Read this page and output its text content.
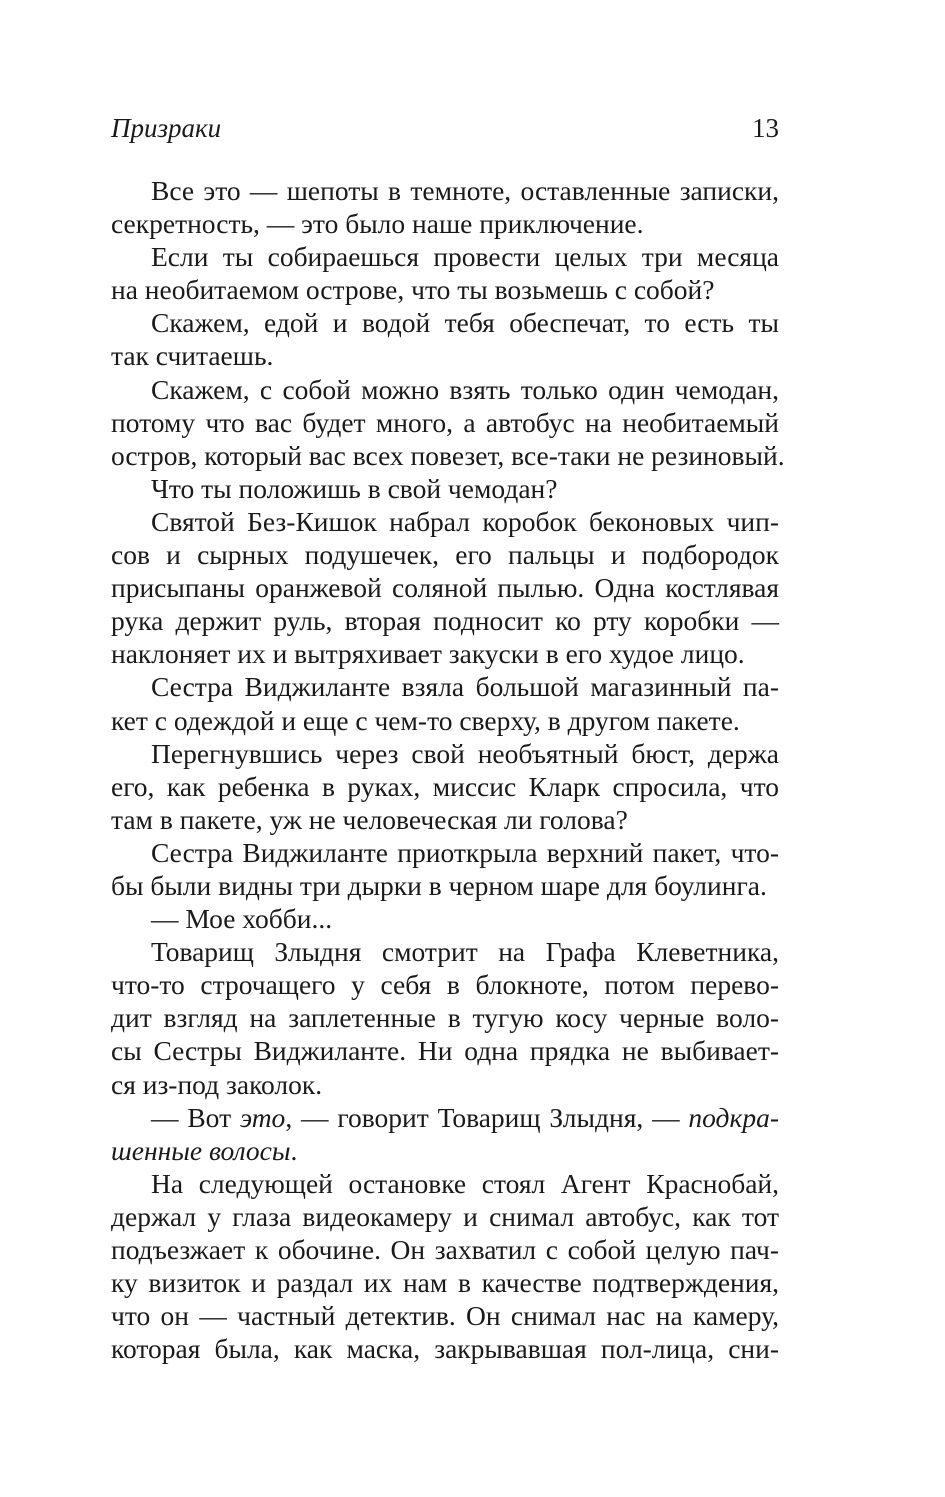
Призраки	13
Все это — шепоты в темноте, оставленные записки,
секретность, — это было наше приключение.
Если ты собираешься провести целых три месяца
на необитаемом острове, что ты возьмешь с собой?
Скажем, едой и водой тебя обеспечат, то есть ты
так считаешь.
Скажем, с собой можно взять только один чемодан,
потому что вас будет много, а автобус на необитаемый
остров, который вас всех повезет, все-таки не резиновый.
Что ты положишь в свой чемодан?
Святой Без-Кишок набрал коробок беконовых чип-
сов и сырных подушечек, его пальцы и подбородок
присыпаны оранжевой соляной пылью. Одна костлявая
рука держит руль, вторая подносит ко рту коробки —
наклоняет их и вытряхивает закуски в его худое лицо.
Сестра Виджиланте взяла большой магазинный па-
кет с одеждой и еще с чем-то сверху, в другом пакете.
Перегнувшись через свой необъятный бюст, держа
его, как ребенка в руках, миссис Кларк спросила, что
там в пакете, уж не человеческая ли голова?
Сестра Виджиланте приоткрыла верхний пакет, что-
бы были видны три дырки в черном шаре для боулинга.
— Мое хобби...
Товарищ Злыдня смотрит на Графа Клеветника,
что-то строчащего у себя в блокноте, потом перево-
дит взгляд на заплетенные в тугую косу черные воло-
сы Сестры Виджиланте. Ни одна прядка не выбивает-
ся из-под заколок.
— Вот это, — говорит Товарищ Злыдня, — подкра-
шенные волосы.
На следующей остановке стоял Агент Краснобай,
держал у глаза видеокамеру и снимал автобус, как тот
подъезжает к обочине. Он захватил с собой целую пач-
ку визиток и раздал их нам в качестве подтверждения,
что он — частный детектив. Он снимал нас на камеру,
которая была, как маска, закрывавшая пол-лица, сни-
